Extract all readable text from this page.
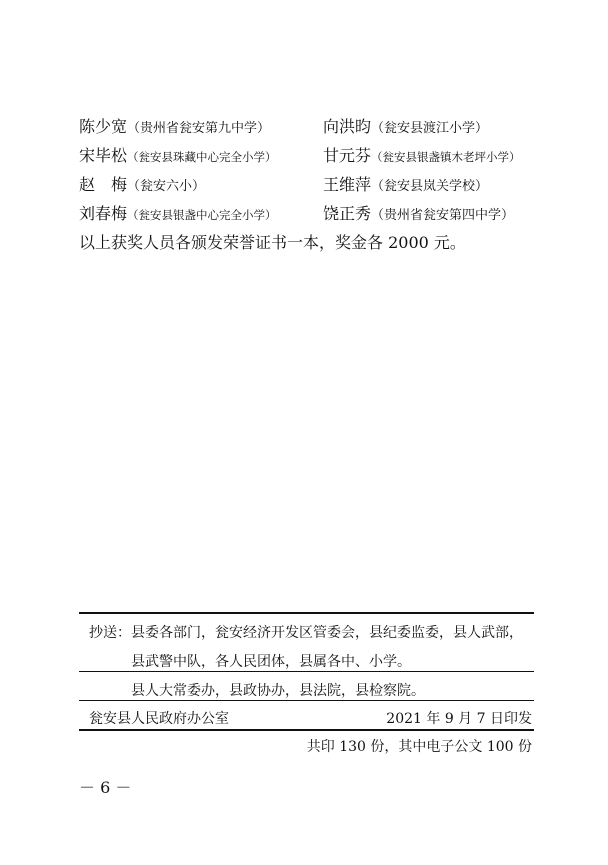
陈少宽（贵州省瓮安第九中学）	向洪昀（瓮安县渡江小学）
宋毕松（瓮安县珠藏中心完全小学）	甘元芬（瓮安县银盏镇木老坪小学）
赵　梅（瓮安六小）	王维萍（瓮安县岚关学校）
刘春梅（瓮安县银盏中心完全小学）	饶正秀（贵州省瓮安第四中学）
以上获奖人员各颁发荣誉证书一本，奖金各 2000 元。
抄送： 县委各部门，瓮安经济开发区管委会，县纪委监委，县人武部，
县武警中队，各人民团体，县属各中、小学。
县人大常委办，县政协办，县法院，县检察院。
瓮安县人民政府办公室	2021 年 9 月 7 日印发
共印 130 份，其中电子公文 100 份
－ 6 －
